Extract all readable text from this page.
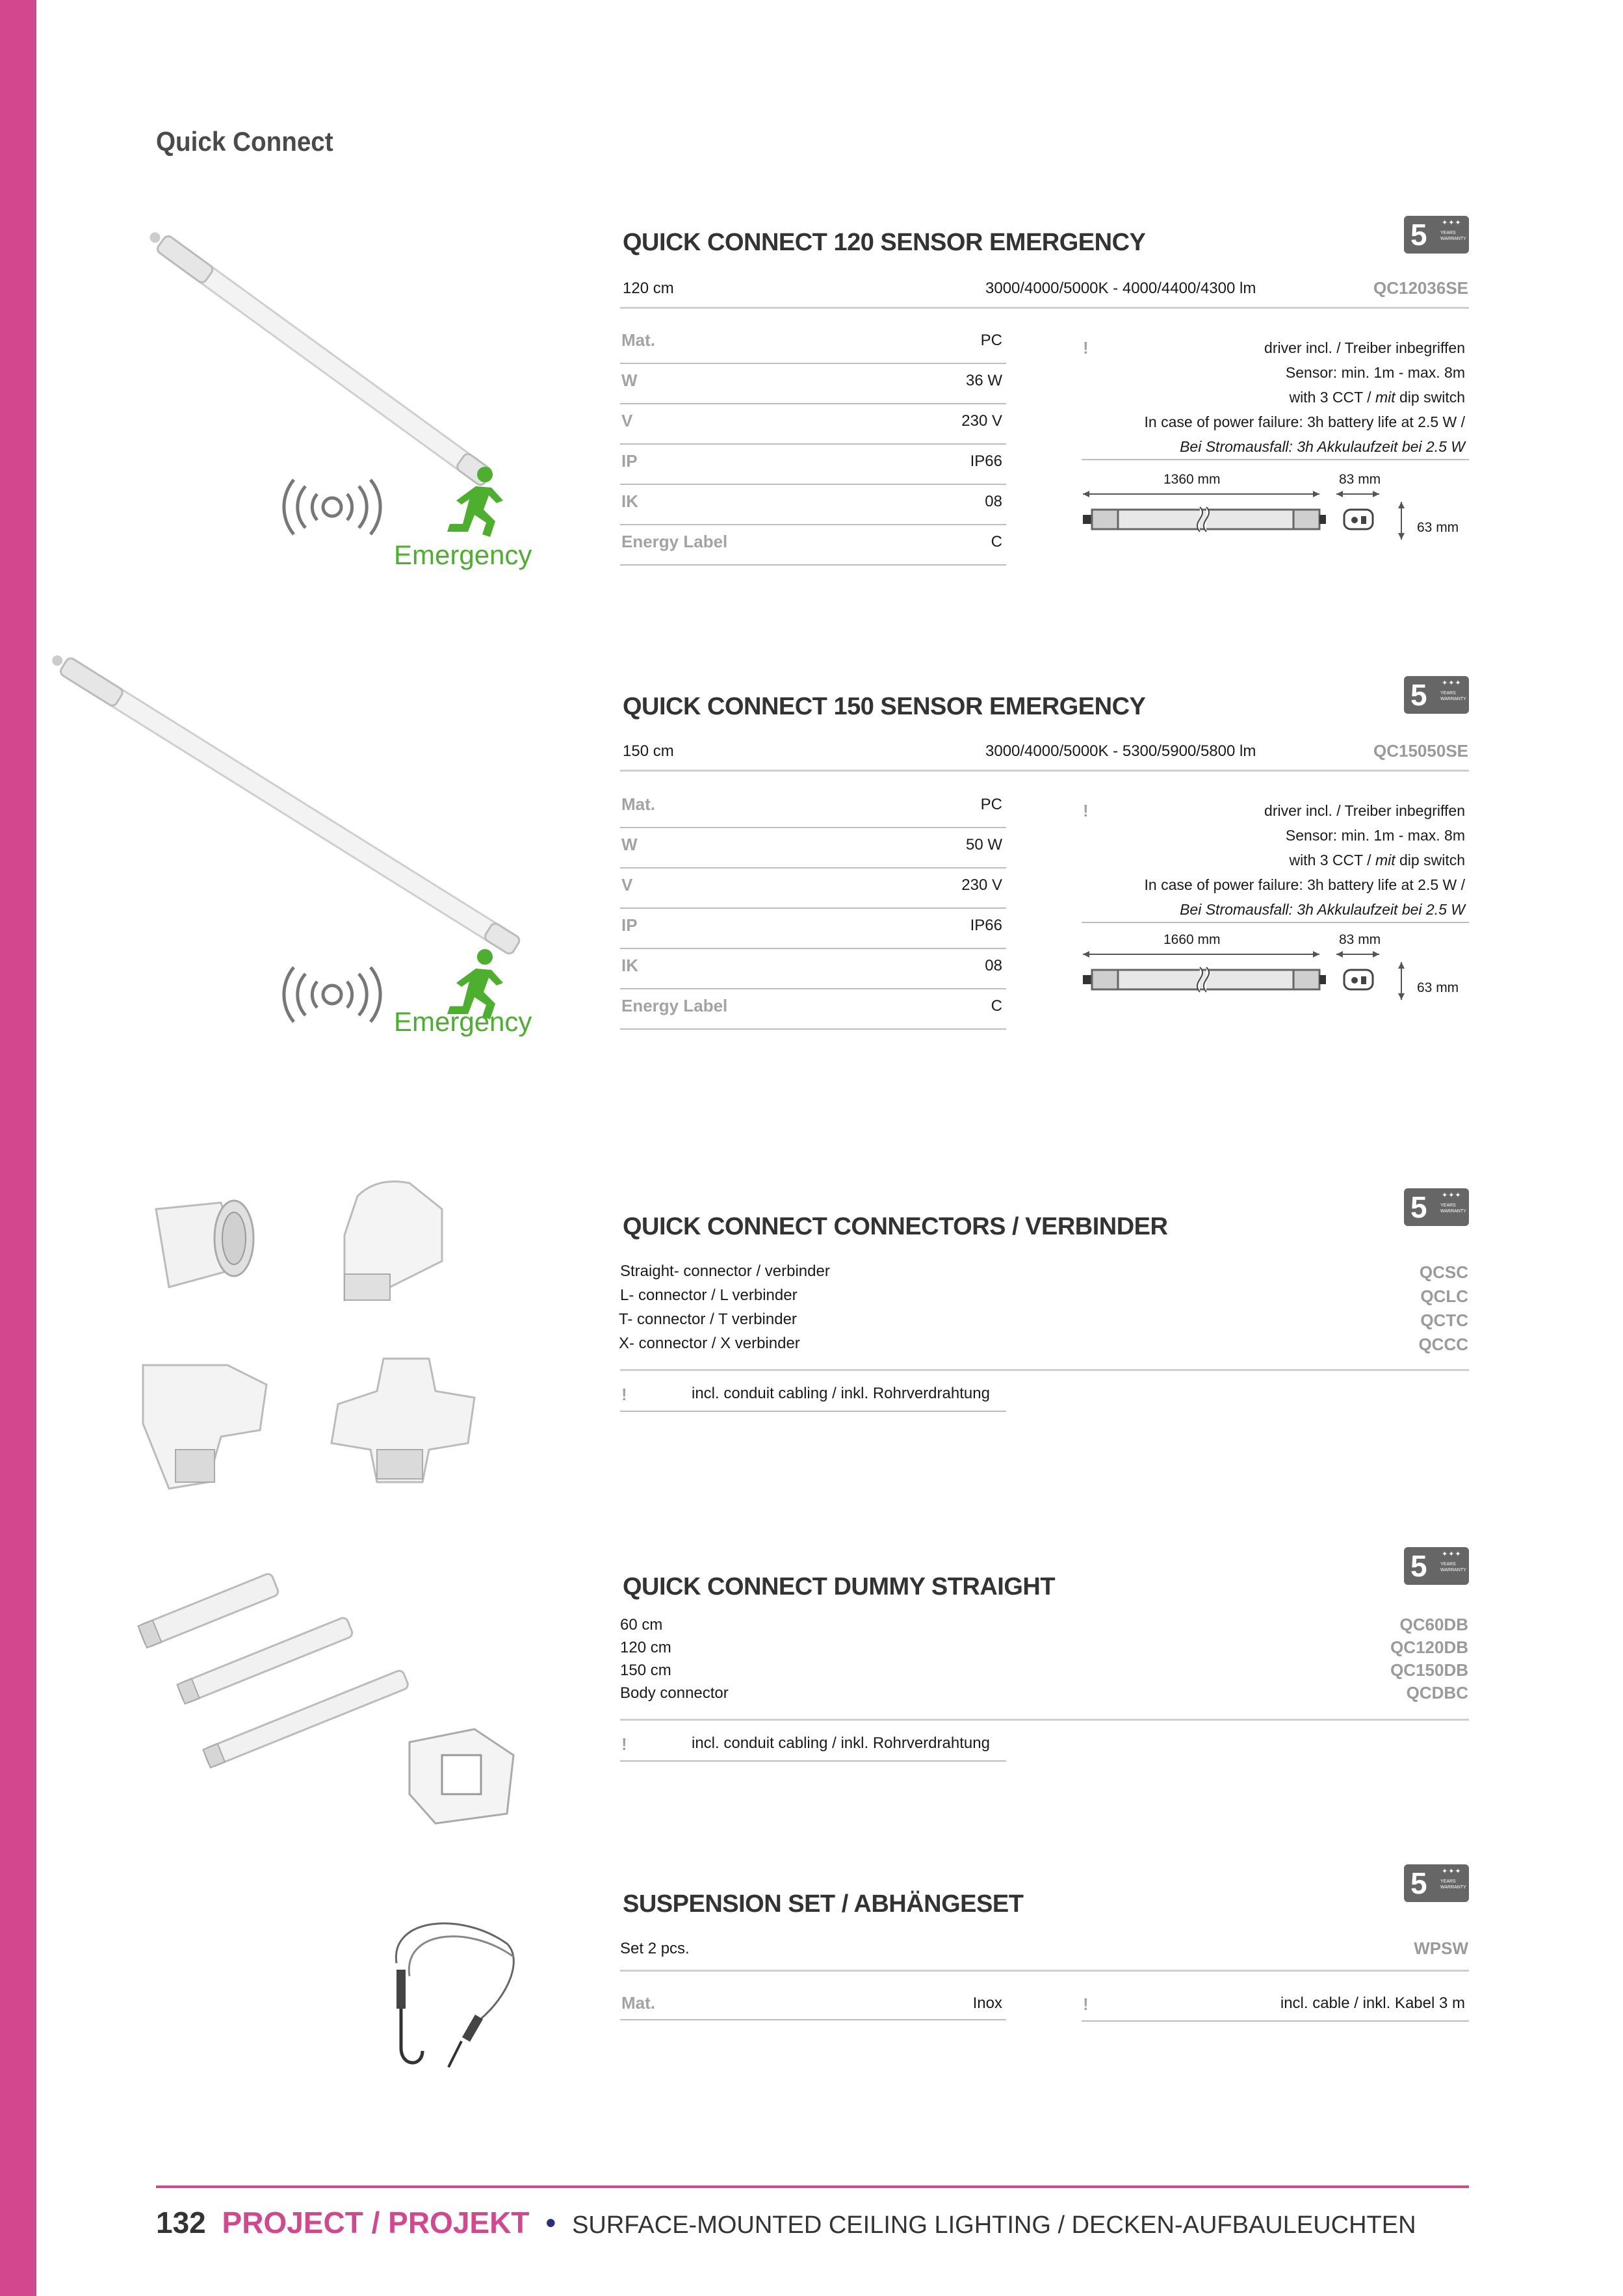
Quick Connect
Emergency
QUICK CONNECT 120 SENSOR EMERGENCY	5 ✦✦✦
YEARS
WARRANTY
120 cm	3000/4000/5000K - 4000/4400/4300 lm	QC12036SE
Mat.	PC
W	36 W
V	230 V
IP	IP66
IK	08
Energy Label	C
!	driver incl. / Treiber inbegriffen
Sensor: min. 1m - max. 8m
with 3 CCT / mit dip switch
In case of power failure: 3h battery life at 2.5 W /
Bei Stromausfall: 3h Akkulaufzeit bei 2.5 W
1360 mm	83 mm
63 mm
Emergency
QUICK CONNECT 150 SENSOR EMERGENCY	5 ✦✦✦
YEARS
WARRANTY
150 cm	3000/4000/5000K - 5300/5900/5800 lm	QC15050SE
Mat.	PC
W	50 W
V	230 V
IP	IP66
IK	08
Energy Label	C
!	driver incl. / Treiber inbegriffen
Sensor: min. 1m - max. 8m
with 3 CCT / mit dip switch
In case of power failure: 3h battery life at 2.5 W /
Bei Stromausfall: 3h Akkulaufzeit bei 2.5 W
1660 mm	83 mm
63 mm
QUICK CONNECT CONNECTORS / VERBINDER
5 ✦✦✦
YEARS
WARRANTY
Straight- connector / verbinder	QCSC
L- connector / L verbinder	QCLC
T- connector / T verbinder	QCTC
X- connector / X verbinder	QCCC
!	incl. conduit cabling / inkl. Rohrverdrahtung
QUICK CONNECT DUMMY STRAIGHT
5 ✦✦✦
YEARS
WARRANTY
60 cm	QC60DB
120 cm	QC120DB
150 cm	QC150DB
Body connector	QCDBC
!	incl. conduit cabling / inkl. Rohrverdrahtung
SUSPENSION SET / ABHÄNGESET
5 ✦✦✦
YEARS
WARRANTY
Set 2 pcs.	WPSW
Mat.	Inox	!	incl. cable / inkl. Kabel 3 m
132 PROJECT / PROJEKT • SURFACE-MOUNTED CEILING LIGHTING / DECKEN-AUFBAULEUCHTEN
